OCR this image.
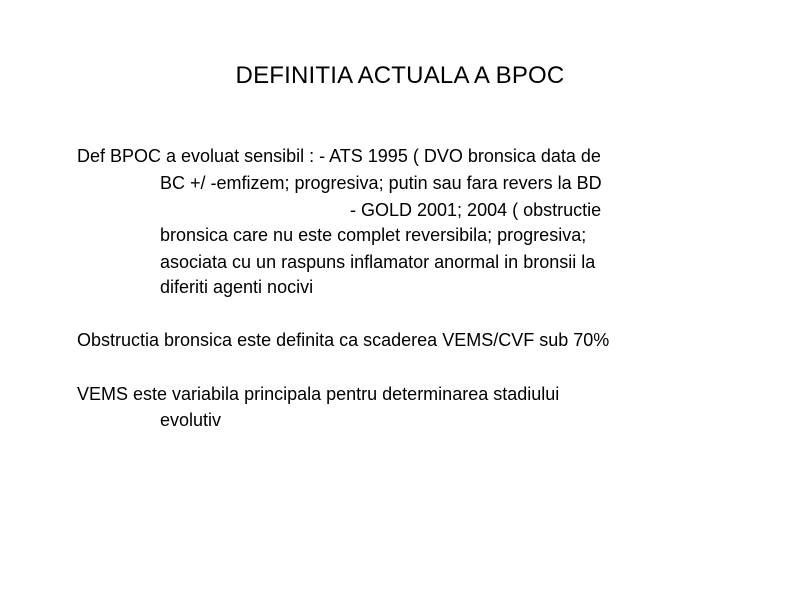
DEFINITIA ACTUALA A BPOC
Def BPOC a evoluat sensibil : - ATS 1995 ( DVO bronsica data de
BC +/ -emfizem; progresiva; putin sau fara revers la BD
- GOLD 2001; 2004 ( obstructie
bronsica care nu este complet reversibila; progresiva;
asociata cu un raspuns inflamator anormal in bronsii la
diferiti agenti nocivi
Obstructia bronsica este definita ca scaderea VEMS/CVF sub 70%
VEMS este variabila principala pentru determinarea stadiului
evolutiv
